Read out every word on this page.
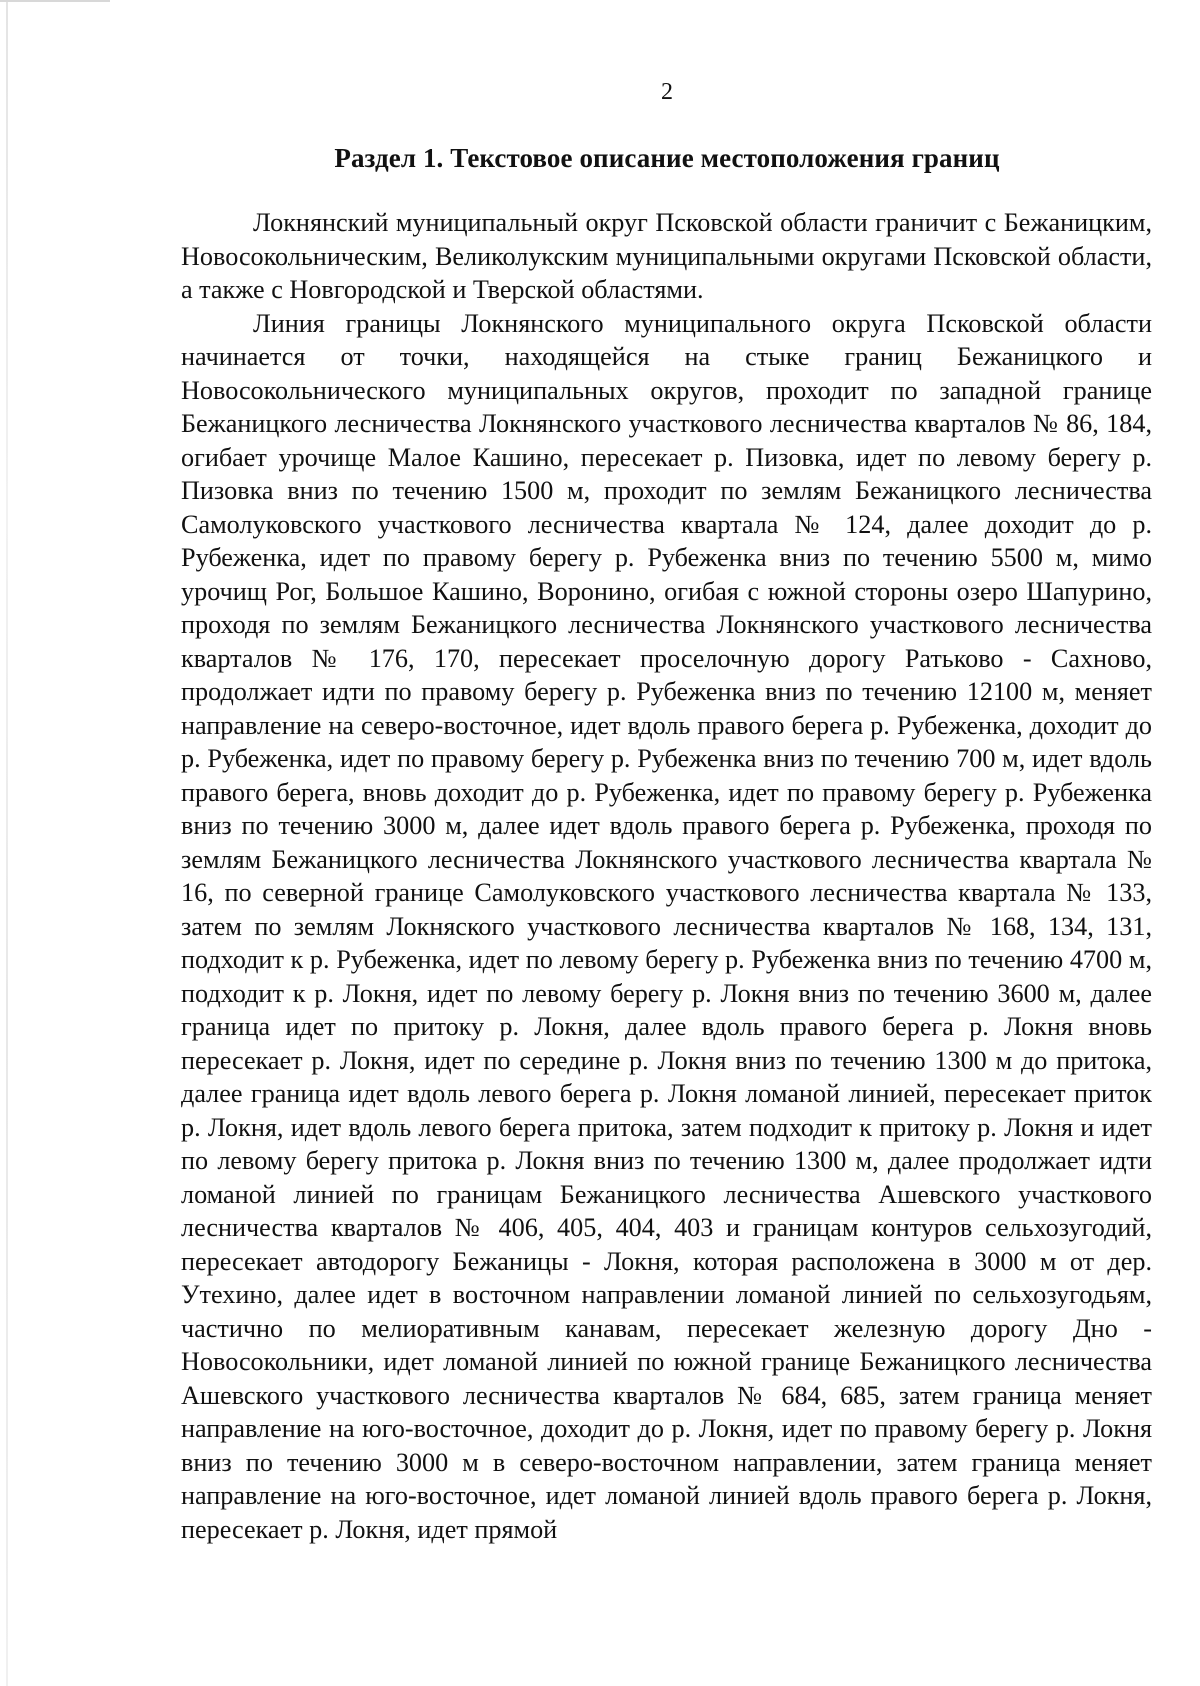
2
Раздел 1. Текстовое описание местоположения границ

Локнянский муниципальный округ Псковской области граничит с Бежаницким, Новосокольническим, Великолукским муниципальными округами Псковской области, а также с Новгородской и Тверской областями.

Линия границы Локнянского муниципального округа Псковской области начинается от точки, находящейся на стыке границ Бежаницкого и Новосокольнического муниципальных округов, проходит по западной границе Бежаницкого лесничества Локнянского участкового лесничества кварталов № 86, 184, огибает урочище Малое Кашино, пересекает р. Пизовка, идет по левому берегу р. Пизовка вниз по течению 1500 м, проходит по землям Бежаницкого лесничества Самолуковского участкового лесничества квартала № 124, далее доходит до р. Рубеженка, идет по правому берегу р. Рубеженка вниз по течению 5500 м, мимо урочищ Рог, Большое Кашино, Воронино, огибая с южной стороны озеро Шапурино, проходя по землям Бежаницкого лесничества Локнянского участкового лесничества кварталов № 176, 170, пересекает проселочную дорогу Ратьково - Сахново, продолжает идти по правому берегу р. Рубеженка вниз по течению 12100 м, меняет направление на северо-восточное, идет вдоль правого берега р. Рубеженка, доходит до р. Рубеженка, идет по правому берегу р. Рубеженка вниз по течению 700 м, идет вдоль правого берега, вновь доходит до р. Рубеженка, идет по правому берегу р. Рубеженка вниз по течению 3000 м, далее идет вдоль правого берега р. Рубеженка, проходя по землям Бежаницкого лесничества Локнянского участкового лесничества квартала № 16, по северной границе Самолуковского участкового лесничества квартала № 133, затем по землям Локняского участкового лесничества кварталов № 168, 134, 131, подходит к р. Рубеженка, идет по левому берегу р. Рубеженка вниз по течению 4700 м, подходит к р. Локня, идет по левому берегу р. Локня вниз по течению 3600 м, далее граница идет по притоку р. Локня, далее вдоль правого берега р. Локня вновь пересекает р. Локня, идет по середине р. Локня вниз по течению 1300 м до притока, далее граница идет вдоль левого берега р. Локня ломаной линией, пересекает приток р. Локня, идет вдоль левого берега притока, затем подходит к притоку р. Локня и идет по левому берегу притока р. Локня вниз по течению 1300 м, далее продолжает идти ломаной линией по границам Бежаницкого лесничества Ашевского участкового лесничества кварталов № 406, 405, 404, 403 и границам контуров сельхозугодий, пересекает автодорогу Бежаницы - Локня, которая расположена в 3000 м от дер. Утехино, далее идет в восточном направлении ломаной линией по сельхозугодьям, частично по мелиоративным канавам, пересекает железную дорогу Дно - Новосокольники, идет ломаной линией по южной границе Бежаницкого лесничества Ашевского участкового лесничества кварталов № 684, 685, затем граница меняет направление на юго-восточное, доходит до р. Локня, идет по правому берегу р. Локня вниз по течению 3000 м в северо-восточном направлении, затем граница меняет направление на юго-восточное, идет ломаной линией вдоль правого берега р. Локня, пересекает р. Локня, идет прямой
